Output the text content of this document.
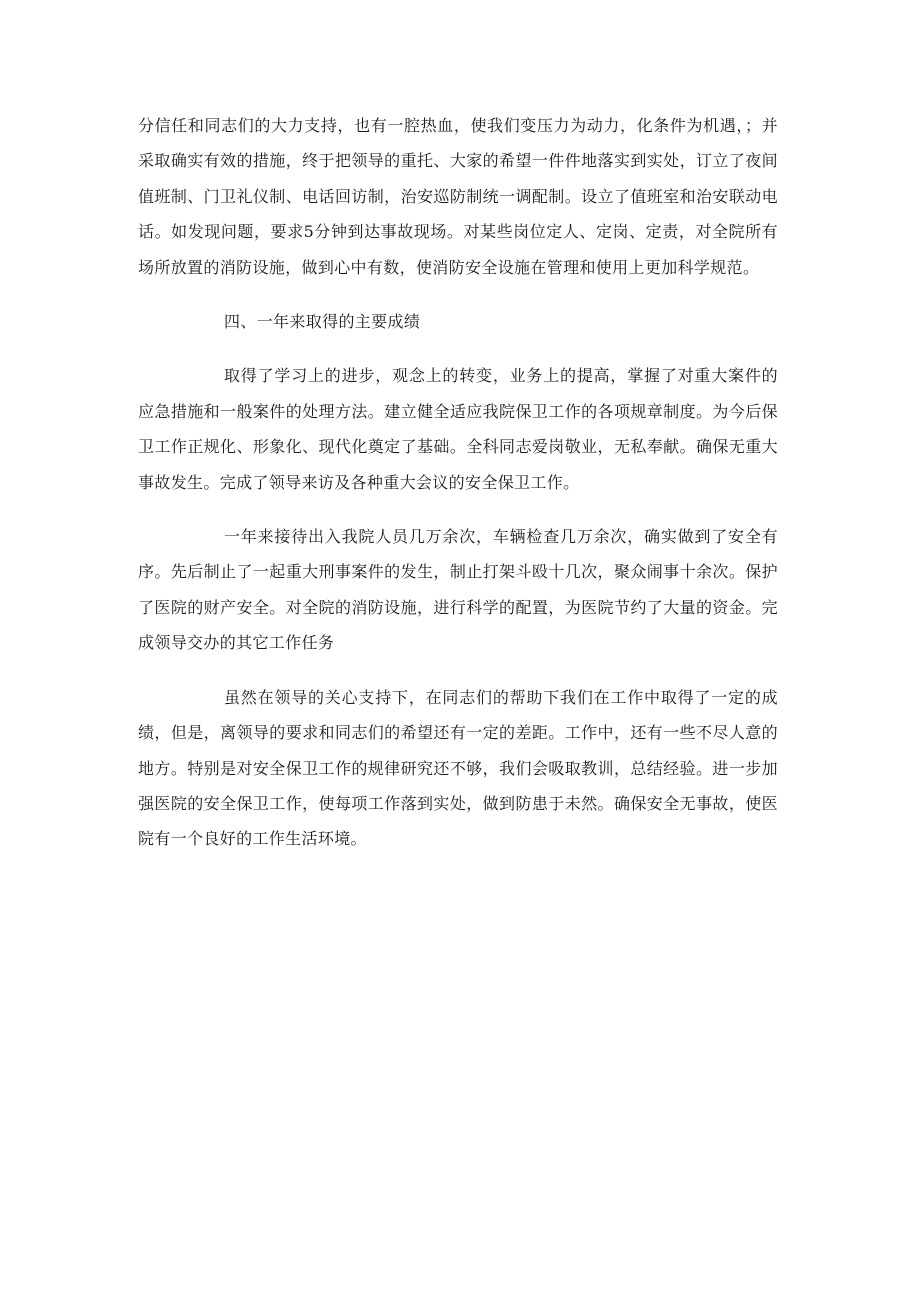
分信任和同志们的大力支持，也有一腔热血，使我们变压力为动力，化条件为机遇，；并采取确实有效的措施，终于把领导的重托、大家的希望一件件地落实到实处，订立了夜间值班制、门卫礼仪制、电话回访制，治安巡防制统一调配制。设立了值班室和治安联动电话。如发现问题，要求5分钟到达事故现场。对某些岗位定人、定岗、定责，对全院所有场所放置的消防设施，做到心中有数，使消防安全设施在管理和使用上更加科学规范。

四、一年来取得的主要成绩

取得了学习上的进步，观念上的转变，业务上的提高，掌握了对重大案件的应急措施和一般案件的处理方法。建立健全适应我院保卫工作的各项规章制度。为今后保卫工作正规化、形象化、现代化奠定了基础。全科同志爱岗敬业，无私奉献。确保无重大事故发生。完成了领导来访及各种重大会议的安全保卫工作。

一年来接待出入我院人员几万余次，车辆检查几万余次，确实做到了安全有序。先后制止了一起重大刑事案件的发生，制止打架斗殴十几次，聚众闹事十余次。保护了医院的财产安全。对全院的消防设施，进行科学的配置，为医院节约了大量的资金。完成领导交办的其它工作任务

虽然在领导的关心支持下，在同志们的帮助下我们在工作中取得了一定的成绩，但是，离领导的要求和同志们的希望还有一定的差距。工作中，还有一些不尽人意的地方。特别是对安全保卫工作的规律研究还不够，我们会吸取教训，总结经验。进一步加强医院的安全保卫工作，使每项工作落到实处，做到防患于未然。确保安全无事故，使医院有一个良好的工作生活环境。
